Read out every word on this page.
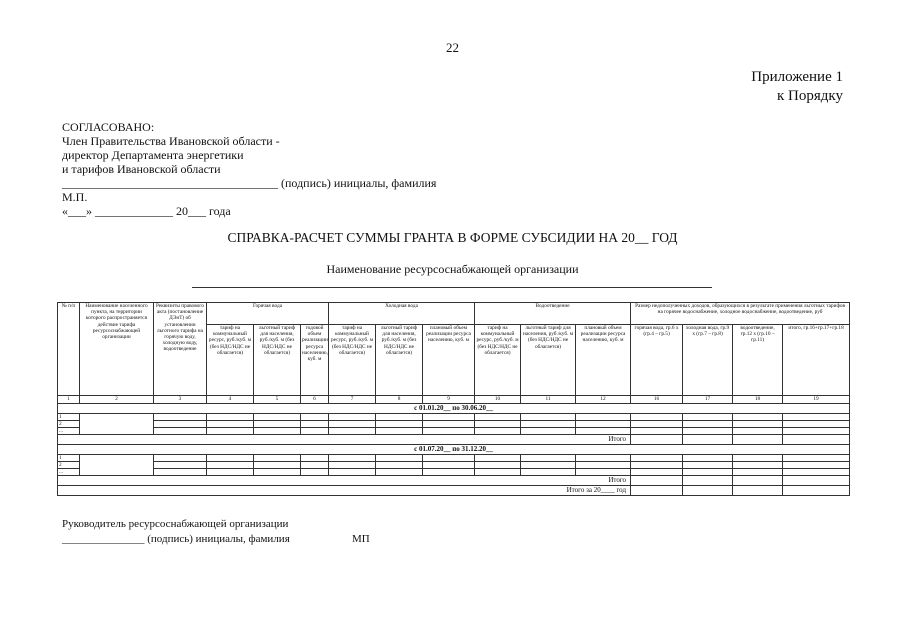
22
Приложение 1
к Порядку
СОГЛАСОВАНО:
Член Правительства Ивановской области -
директор Департамента энергетики
и тарифов Ивановской области
____________________________________ (подпись) инициалы, фамилия
М.П.
«___» _____________ 20___ года
СПРАВКА-РАСЧЕТ СУММЫ ГРАНТА В ФОРМЕ СУБСИДИИ НА 20__ ГОД
Наименование ресурсоснабжающей организации
№ п/п	Наименование населенного пункта, на территории которого распространяется действие тарифа ресурсоснабжающей организации	Реквизиты правового акта (постановление ДЭиТ) об установлении льготного тарифа на горячую воду, холодную воду, водоотведение	Горячая вода			Холодная вода			Водоотведение			Размер недополученных доходов, образующихся в результате применения льготных тарифов на горячее водоснабжение, холодное водоснабжение, водоотведение, руб			
			тариф на коммунальный ресурс, руб./куб. м (без НДС/НДС не облагается)	льготный тариф для населения, руб./куб. м (без НДС/НДС не облагается)	годовой объем реализации ресурса населению, куб. м	тариф на коммунальный ресурс, руб./куб. м (без НДС/НДС не облагается)	льготный тариф для населения, руб./куб. м (без НДС/НДС не облагается)	плановый объем реализации ресурса населению, куб. м	тариф на коммунальный ресурс, руб./куб. м (без НДС/НДС не облагается)	льготный тариф для населения, руб./куб. м (без НДС/НДС не облагается)	плановый объем реализации ресурса населению, куб. м	горячая вода, гр.6 x (гр.4 – гр.5)	холодная вода, гр.9 x (гр.7 – гр.8)	водоотведение, гр.12 x (гр.10 – гр.11)	итого, гр.16+гр.17+гр.18
1	2	3	4	5	6	7	8	9	10	11	12	16	17	18	19
с 01.01.20__ по 30.06.20__															
1															
2															
...															
Итого															
с 01.07.20__ по 31.12.20__															
1															
2															
...															
Итого															
Итого за 20____ год															
Руководитель ресурсоснабжающей организации
_______________ (подпись) инициалы, фамилия	МП
